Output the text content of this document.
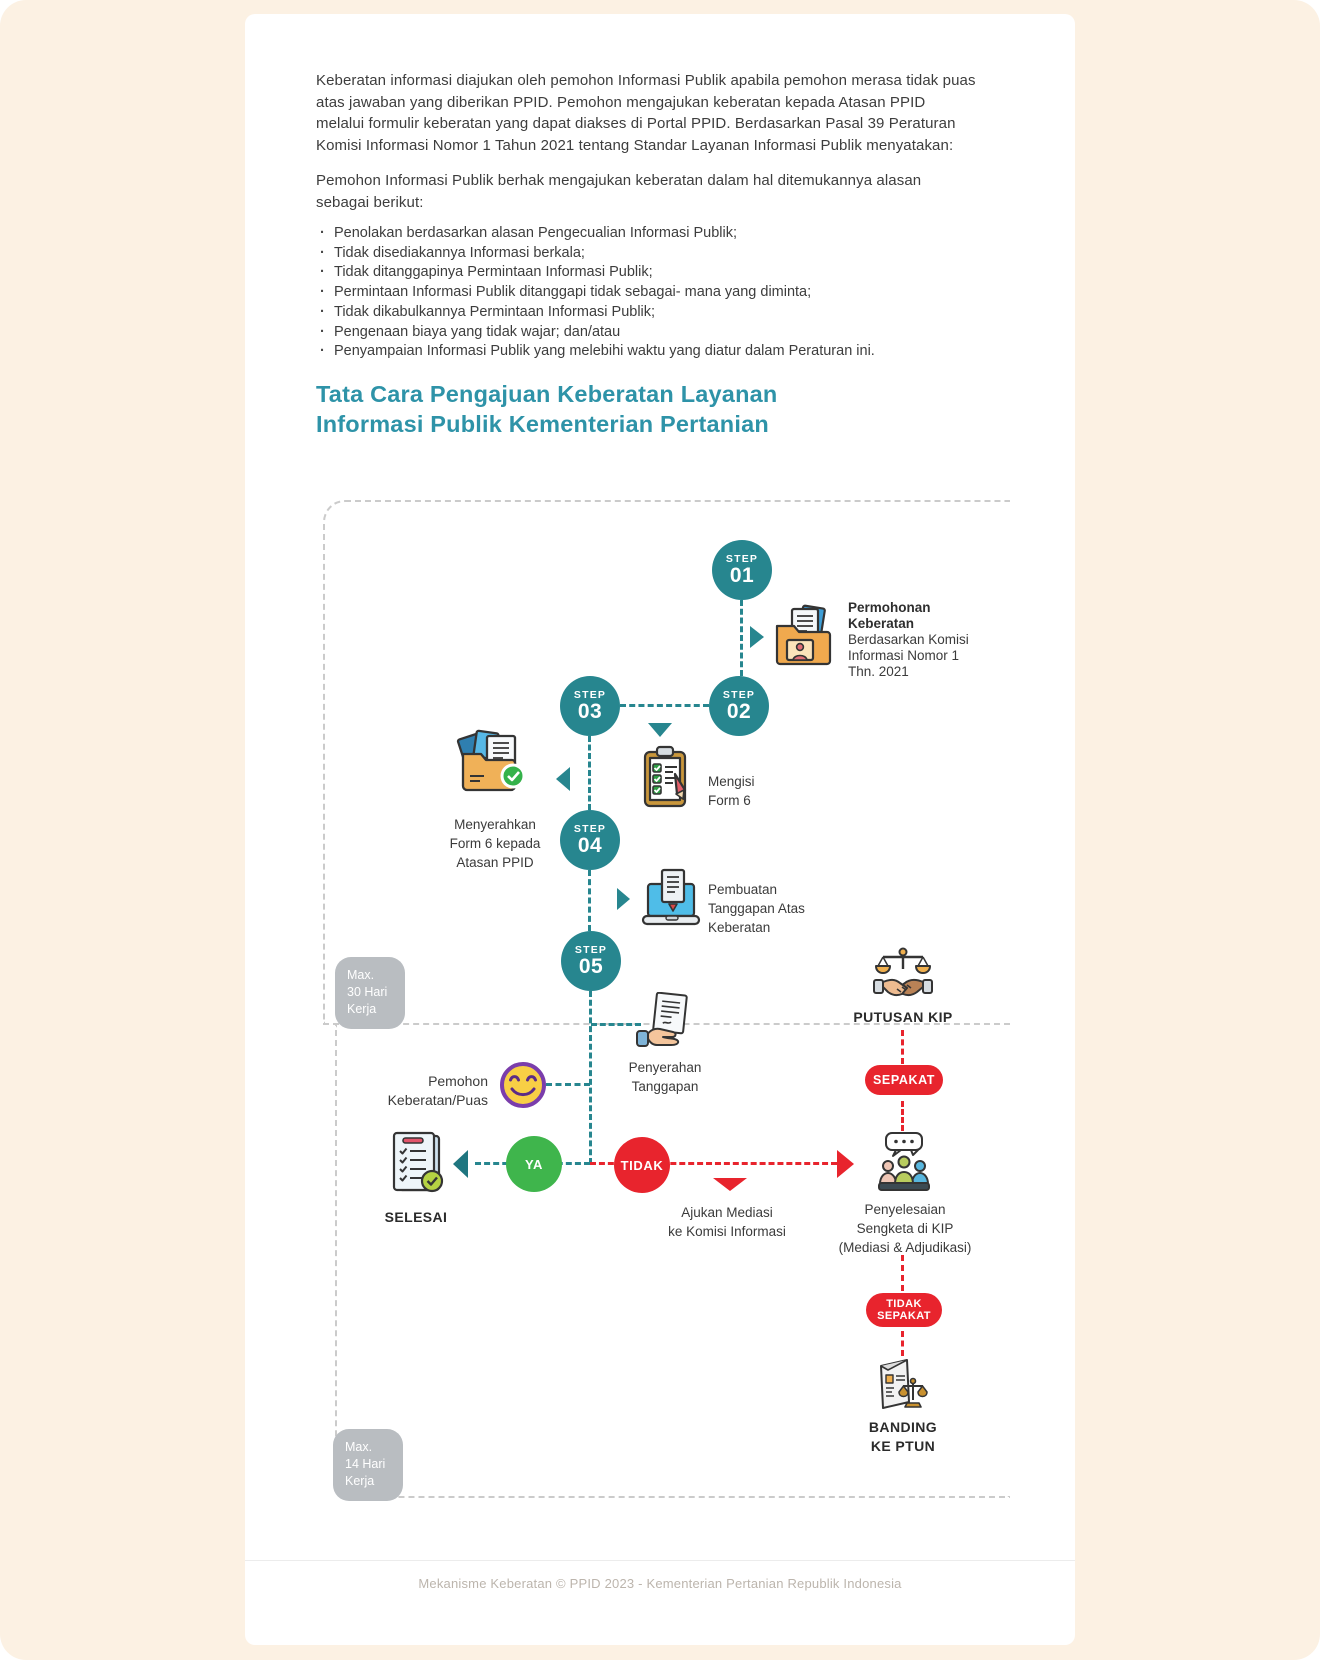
Keberatan informasi diajukan oleh pemohon Informasi Publik apabila pemohon merasa tidak puas atas jawaban yang diberikan PPID. Pemohon mengajukan keberatan kepada Atasan PPID melalui formulir keberatan yang dapat diakses di Portal PPID. Berdasarkan Pasal 39 Peraturan Komisi Informasi Nomor 1 Tahun 2021 tentang Standar Layanan Informasi Publik menyatakan:

Pemohon Informasi Publik berhak mengajukan keberatan dalam hal ditemukannya alasan sebagai berikut:

· Penolakan berdasarkan alasan Pengecualian Informasi Publik;
· Tidak disediakannya Informasi berkala;
· Tidak ditanggapinya Permintaan Informasi Publik;
· Permintaan Informasi Publik ditanggapi tidak sebagai- mana yang diminta;
· Tidak dikabulkannya Permintaan Informasi Publik;
· Pengenaan biaya yang tidak wajar; dan/atau
· Penyampaian Informasi Publik yang melebihi waktu yang diatur dalam Peraturan ini.
Tata Cara Pengajuan Keberatan Layanan
Informasi Publik Kementerian Pertanian
Max.
30 Hari
Kerja
Max.
14 Hari
Kerja
STEP
01
STEP
02
STEP
03
STEP
04
STEP
05
Permohonan
Keberatan
Berdasarkan Komisi
Informasi Nomor 1
Thn. 2021
Mengisi
Form 6
Menyerahkan
Form 6 kepada
Atasan PPID
Pembuatan
Tanggapan Atas
Keberatan
Penyerahan
Tanggapan
Pemohon
Keberatan/Puas
SELESAI	Ajukan Mediasi
ke Komisi Informasi
PUTUSAN KIP
Penyelesaian
Sengketa di KIP
(Mediasi & Adjudikasi)
BANDING
KE PTUN
YA	TIDAK
SEPAKAT
TIDAK
SEPAKAT
Mekanisme Keberatan © PPID 2023 - Kementerian Pertanian Republik Indonesia
